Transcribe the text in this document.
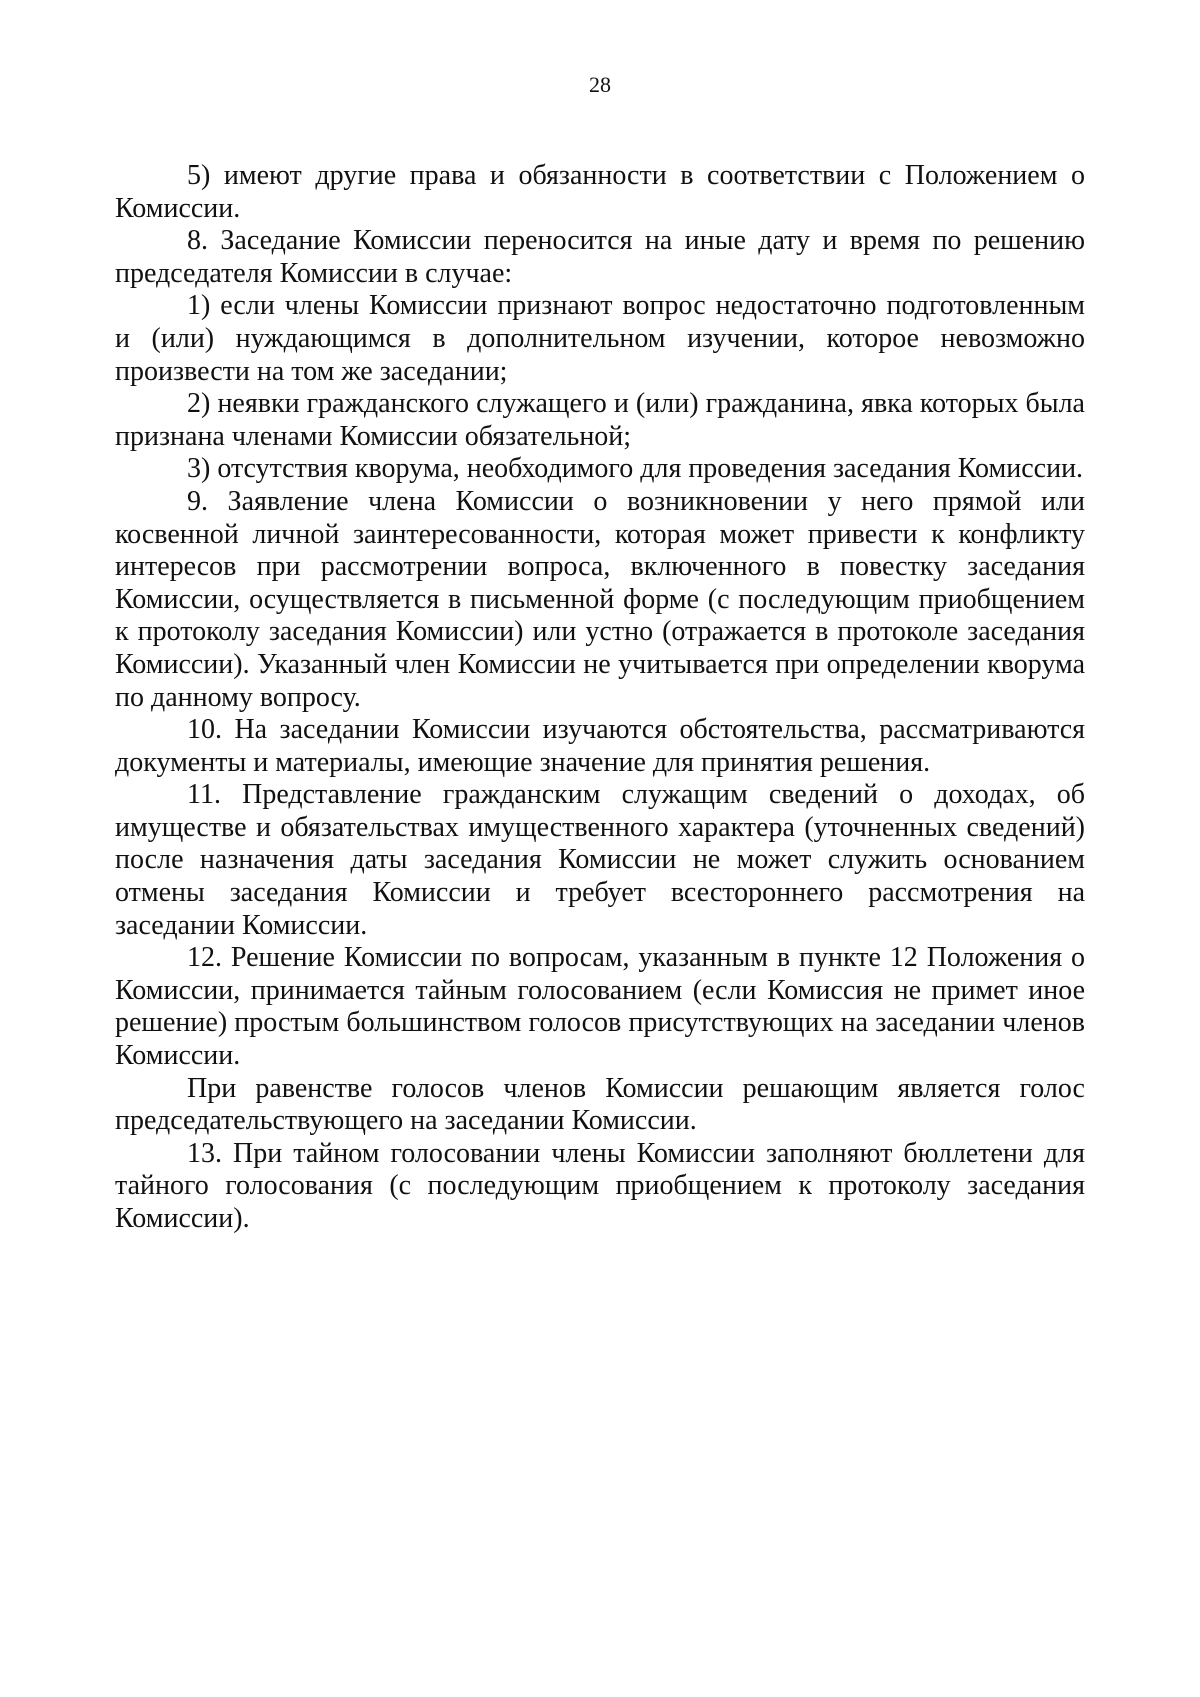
28

5) имеют другие права и обязанности в соответствии с Положением о Комиссии.

8. Заседание Комиссии переносится на иные дату и время по решению председателя Комиссии в случае:

1) если члены Комиссии признают вопрос недостаточно подготовленным и (или) нуждающимся в дополнительном изучении, которое невозможно произвести на том же заседании;

2) неявки гражданского служащего и (или) гражданина, явка которых была признана членами Комиссии обязательной;

3) отсутствия кворума, необходимого для проведения заседания Комиссии.

9. Заявление члена Комиссии о возникновении у него прямой или косвенной личной заинтересованности, которая может привести к конфликту интересов при рассмотрении вопроса, включенного в повестку заседания Комиссии, осуществляется в письменной форме (с последующим приобщением к протоколу заседания Комиссии) или устно (отражается в протоколе заседания Комиссии). Указанный член Комиссии не учитывается при определении кворума по данному вопросу.

10. На заседании Комиссии изучаются обстоятельства, рассматриваются документы и материалы, имеющие значение для принятия решения.

11. Представление гражданским служащим сведений о доходах, об имуществе и обязательствах имущественного характера (уточненных сведений) после назначения даты заседания Комиссии не может служить основанием отмены заседания Комиссии и требует всестороннего рассмотрения на заседании Комиссии.

12. Решение Комиссии по вопросам, указанным в пункте 12 Положения о Комиссии, принимается тайным голосованием (если Комиссия не примет иное решение) простым большинством голосов присутствующих на заседании членов Комиссии.

При равенстве голосов членов Комиссии решающим является голос председательствующего на заседании Комиссии.

13. При тайном голосовании члены Комиссии заполняют бюллетени для тайного голосования (с последующим приобщением к протоколу заседания Комиссии).
